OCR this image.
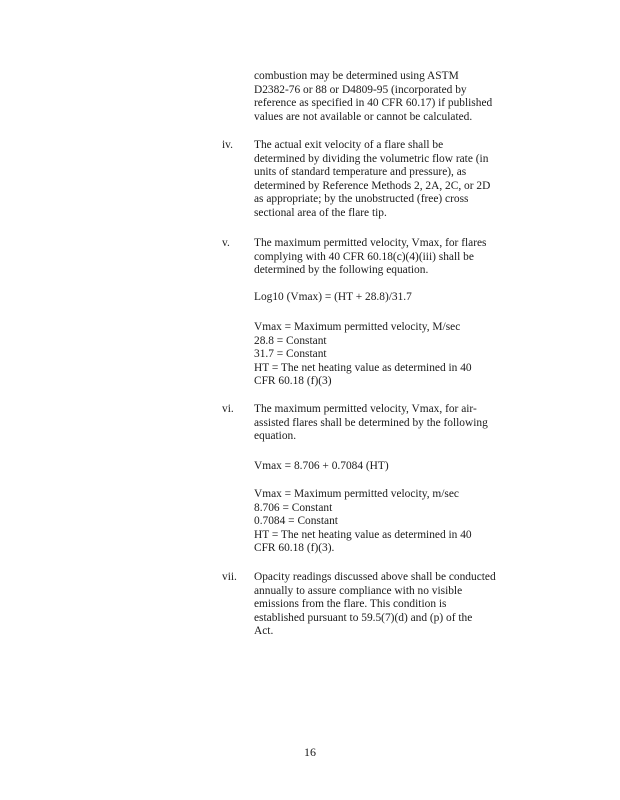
combustion may be determined using ASTM
D2382-76 or 88 or D4809-95 (incorporated by
reference as specified in 40 CFR 60.17) if published
values are not available or cannot be calculated.
iv. The actual exit velocity of a flare shall be
determined by dividing the volumetric flow rate (in
units of standard temperature and pressure), as
determined by Reference Methods 2, 2A, 2C, or 2D
as appropriate; by the unobstructed (free) cross
sectional area of the flare tip.
v. The maximum permitted velocity, Vmax, for flares
complying with 40 CFR 60.18(c)(4)(iii) shall be
determined by the following equation.
Log10 (Vmax) = (HT + 28.8)/31.7
Vmax = Maximum permitted velocity, M/sec
28.8 = Constant
31.7 = Constant
HT = The net heating value as determined in 40
CFR 60.18 (f)(3)
vi. The maximum permitted velocity, Vmax, for air-
assisted flares shall be determined by the following
equation.
Vmax = 8.706 + 0.7084 (HT)
Vmax = Maximum permitted velocity, m/sec
8.706 = Constant
0.7084 = Constant
HT = The net heating value as determined in 40
CFR 60.18 (f)(3).
vii. Opacity readings discussed above shall be conducted
annually to assure compliance with no visible
emissions from the flare. This condition is
established pursuant to 59.5(7)(d) and (p) of the
Act.
16
